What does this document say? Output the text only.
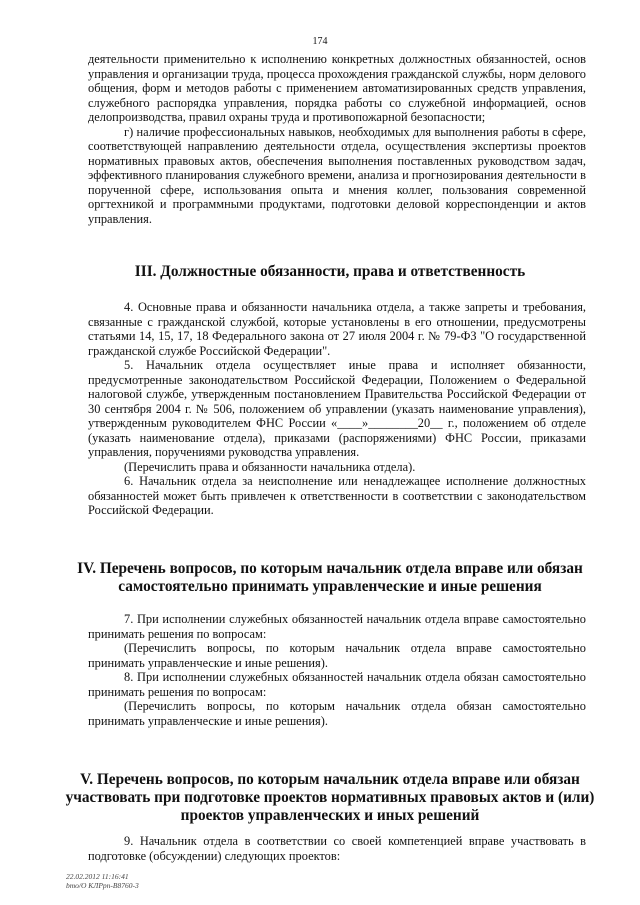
174

деятельности применительно к исполнению конкретных должностных обязанностей, основ управления и организации труда, процесса прохождения гражданской службы, норм делового общения, форм и методов работы с применением автоматизированных средств управления, служебного распорядка управления, порядка работы со служебной информацией, основ делопроизводства, правил охраны труда и противопожарной безопасности;

г) наличие профессиональных навыков, необходимых для выполнения работы в сфере, соответствующей направлению деятельности отдела, осуществления экспертизы проектов нормативных правовых актов, обеспечения выполнения поставленных руководством задач, эффективного планирования служебного времени, анализа и прогнозирования деятельности в порученной сфере, использования опыта и мнения коллег, пользования современной оргтехникой и программными продуктами, подготовки деловой корреспонденции и актов управления.

III. Должностные обязанности, права и ответственность

4. Основные права и обязанности начальника отдела, а также запреты и требования, связанные с гражданской службой, которые установлены в его отношении, предусмотрены статьями 14, 15, 17, 18 Федерального закона от 27 июля 2004 г. № 79-ФЗ "О государственной гражданской службе Российской Федерации".

5. Начальник отдела осуществляет иные права и исполняет обязанности, предусмотренные законодательством Российской Федерации, Положением о Федеральной налоговой службе, утвержденным постановлением Правительства Российской Федерации от 30 сентября 2004 г. № 506, положением об управлении (указать наименование управления), утвержденным руководителем ФНС России «____»________20__ г., положением об отделе (указать наименование отдела), приказами (распоряжениями) ФНС России, приказами управления, поручениями руководства управления.

(Перечислить права и обязанности начальника отдела).

6. Начальник отдела за неисполнение или ненадлежащее исполнение должностных обязанностей может быть привлечен к ответственности в соответствии с законодательством Российской Федерации.

IV. Перечень вопросов, по которым начальник отдела вправе или обязан
самостоятельно принимать управленческие и иные решения

7. При исполнении служебных обязанностей начальник отдела вправе самостоятельно принимать решения по вопросам:

(Перечислить вопросы, по которым начальник отдела вправе самостоятельно принимать управленческие и иные решения).

8. При исполнении служебных обязанностей начальник отдела обязан самостоятельно принимать решения по вопросам:

(Перечислить вопросы, по которым начальник отдела обязан самостоятельно принимать управленческие и иные решения).

V. Перечень вопросов, по которым начальник отдела вправе или обязан
участвовать при подготовке проектов нормативных правовых актов и (или)
проектов управленческих и иных решений

9. Начальник отдела в соответствии со своей компетенцией вправе участвовать в подготовке (обсуждении) следующих проектов:

22.02.2012 11:16:41
bmo/О КЛРрп-В8760-3
